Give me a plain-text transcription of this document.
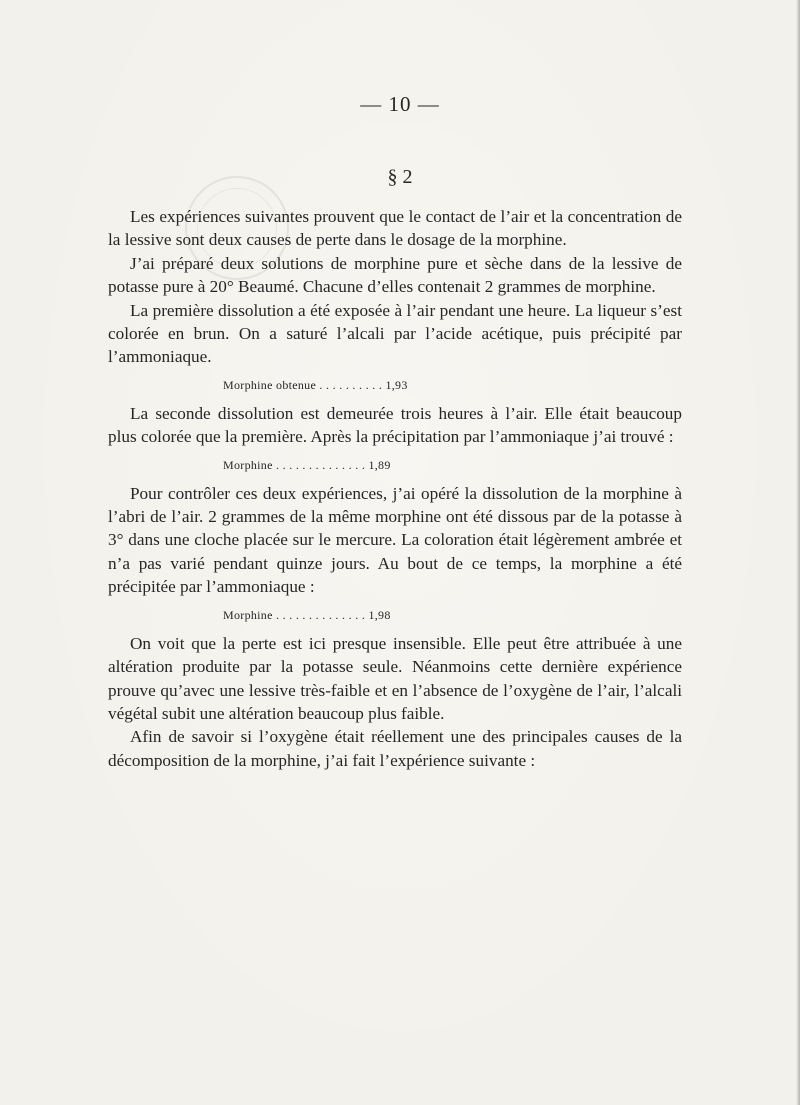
— 10 —
§ 2

Les expériences suivantes prouvent que le contact de l’air et la concentration de la lessive sont deux causes de perte dans le dosage de la morphine.

J’ai préparé deux solutions de morphine pure et sèche dans de la lessive de potasse pure à 20° Beaumé. Chacune d’elles contenait 2 grammes de morphine.

La première dissolution a été exposée à l’air pendant une heure. La liqueur s’est colorée en brun. On a saturé l’alcali par l’acide acétique, puis précipité par l’ammoniaque.

Morphine obtenue . . . . . . . . . . 1,93

La seconde dissolution est demeurée trois heures à l’air. Elle était beaucoup plus colorée que la première. Après la précipitation par l’ammoniaque j’ai trouvé :

Morphine . . . . . . . . . . . . . . 1,89

Pour contrôler ces deux expériences, j’ai opéré la dissolution de la morphine à l’abri de l’air. 2 grammes de la même morphine ont été dissous par de la potasse à 3° dans une cloche placée sur le mercure. La coloration était légèrement ambrée et n’a pas varié pendant quinze jours. Au bout de ce temps, la morphine a été précipitée par l’ammoniaque :

Morphine . . . . . . . . . . . . . . 1,98

On voit que la perte est ici presque insensible. Elle peut être attribuée à une altération produite par la potasse seule. Néanmoins cette dernière expérience prouve qu’avec une lessive très-faible et en l’absence de l’oxygène de l’air, l’alcali végétal subit une altération beaucoup plus faible.

Afin de savoir si l’oxygène était réellement une des principales causes de la décomposition de la morphine, j’ai fait l’expérience suivante :
